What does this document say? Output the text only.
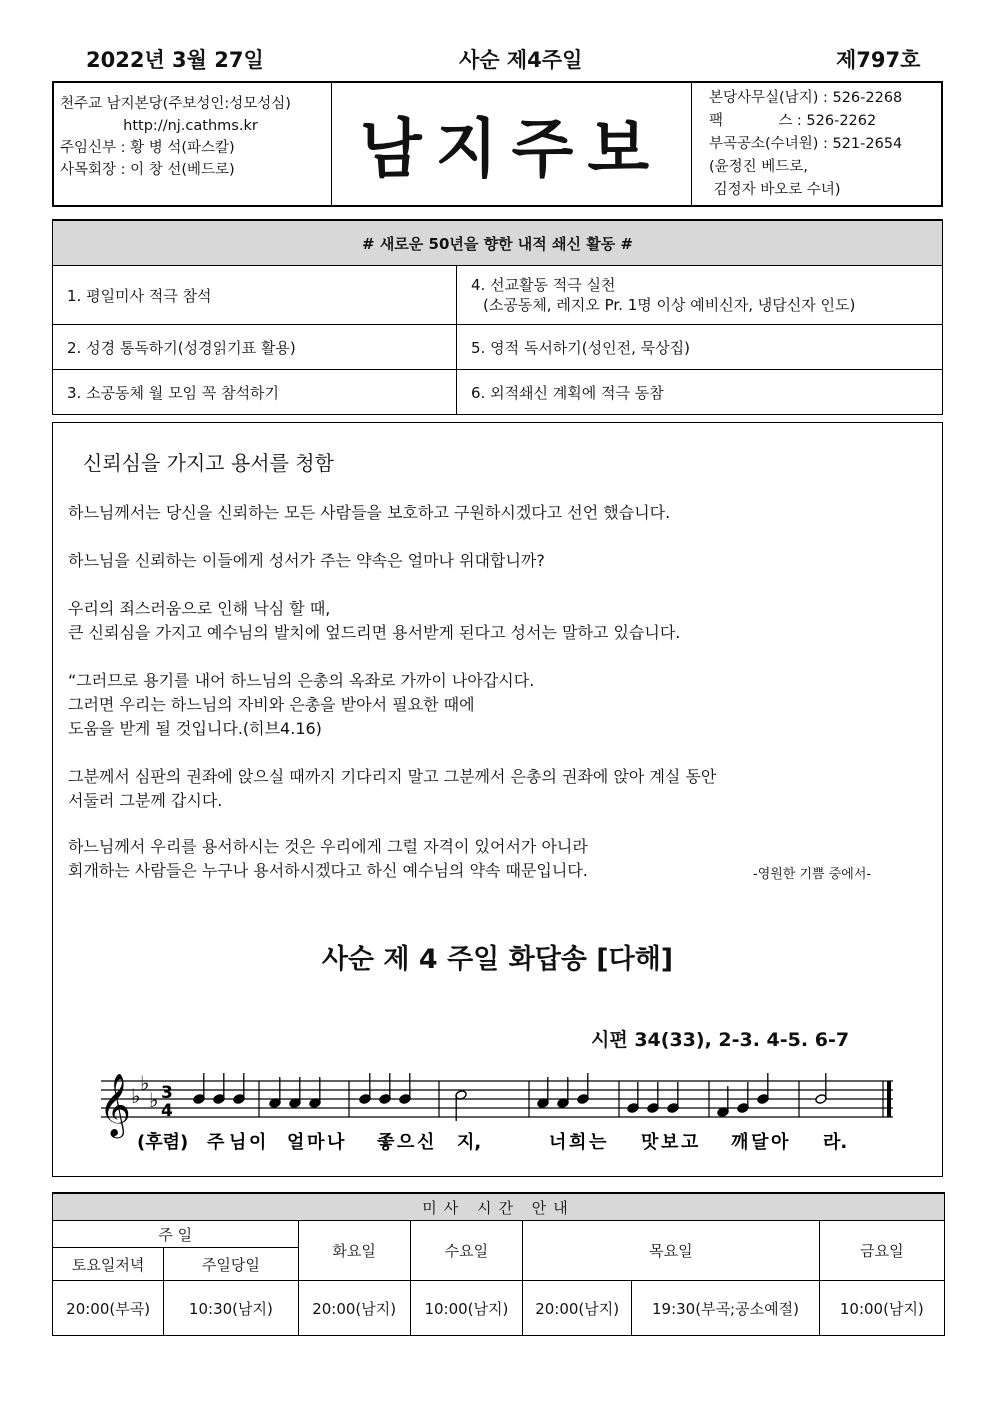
2022년 3월 27일	사순 제4주일	제797호
천주교 남지본당(주보성인:성모성심)
http://nj.cathms.kr
주임신부 : 황 병 석(파스칼)
사목회장 : 이 창 선(베드로)	남지주보
본당사무실(남지) : 526-2268
팩            스 : 526-2262
부곡공소(수녀원) : 521-2654
(윤정진 베드로,
김정자 바오로 수녀)
# 새로운 50년을 향한 내적 쇄신 활동 #	
1. 평일미사 적극 참석	4. 선교활동 적극 실천
(소공동체, 레지오 Pr. 1명 이상 예비신자, 냉담신자 인도)

2. 성경 통독하기(성경읽기표 활용)	5. 영적 독서하기(성인전, 묵상집)
3. 소공동체 월 모임 꼭 참석하기	6. 외적쇄신 계획에 적극 동참
신뢰심을 가지고 용서를 청함
하느님께서는 당신을 신뢰하는 모든 사람들을 보호하고 구원하시겠다고 선언 했습니다.
하느님을 신뢰하는 이들에게 성서가 주는 약속은 얼마나 위대합니까?
우리의 죄스러움으로 인해 낙심 할 때,
큰 신뢰심을 가지고 예수님의 발치에 엎드리면 용서받게 된다고 성서는 말하고 있습니다.
“그러므로 용기를 내어 하느님의 은총의 옥좌로 가까이 나아갑시다.
그러면 우리는 하느님의 자비와 은총을 받아서 필요한 때에
도움을 받게 될 것입니다.(히브4.16)
그분께서 심판의 권좌에 앉으실 때까지 기다리지 말고 그분께서 은총의 권좌에 앉아 계실 동안
서둘러 그분께 갑시다.
하느님께서 우리를 용서하시는 것은 우리에게 그럴 자격이 있어서가 아니라
회개하는 사람들은 누구나 용서하시겠다고 하신 예수님의 약속 때문입니다.	-영원한 기쁨 중에서-
사순 제 4 주일 화답송 [다해]
시편 34(33), 2-3. 4-5. 6-7
𝄞 ♭
♭
♭ 3
4
(후렴) 주 님 이 얼 마 나 좋 으 신 지,	너 희 는 맛 보 고 깨 달 아 라.
미사 시간 안내						
주 일		화요일	수요일	목요일		금요일
토요일저녁	주일당일					
20:00(부곡)	10:30(남지)	20:00(남지)	10:00(남지)	20:00(남지)	19:30(부곡;공소예절)	10:00(남지)
